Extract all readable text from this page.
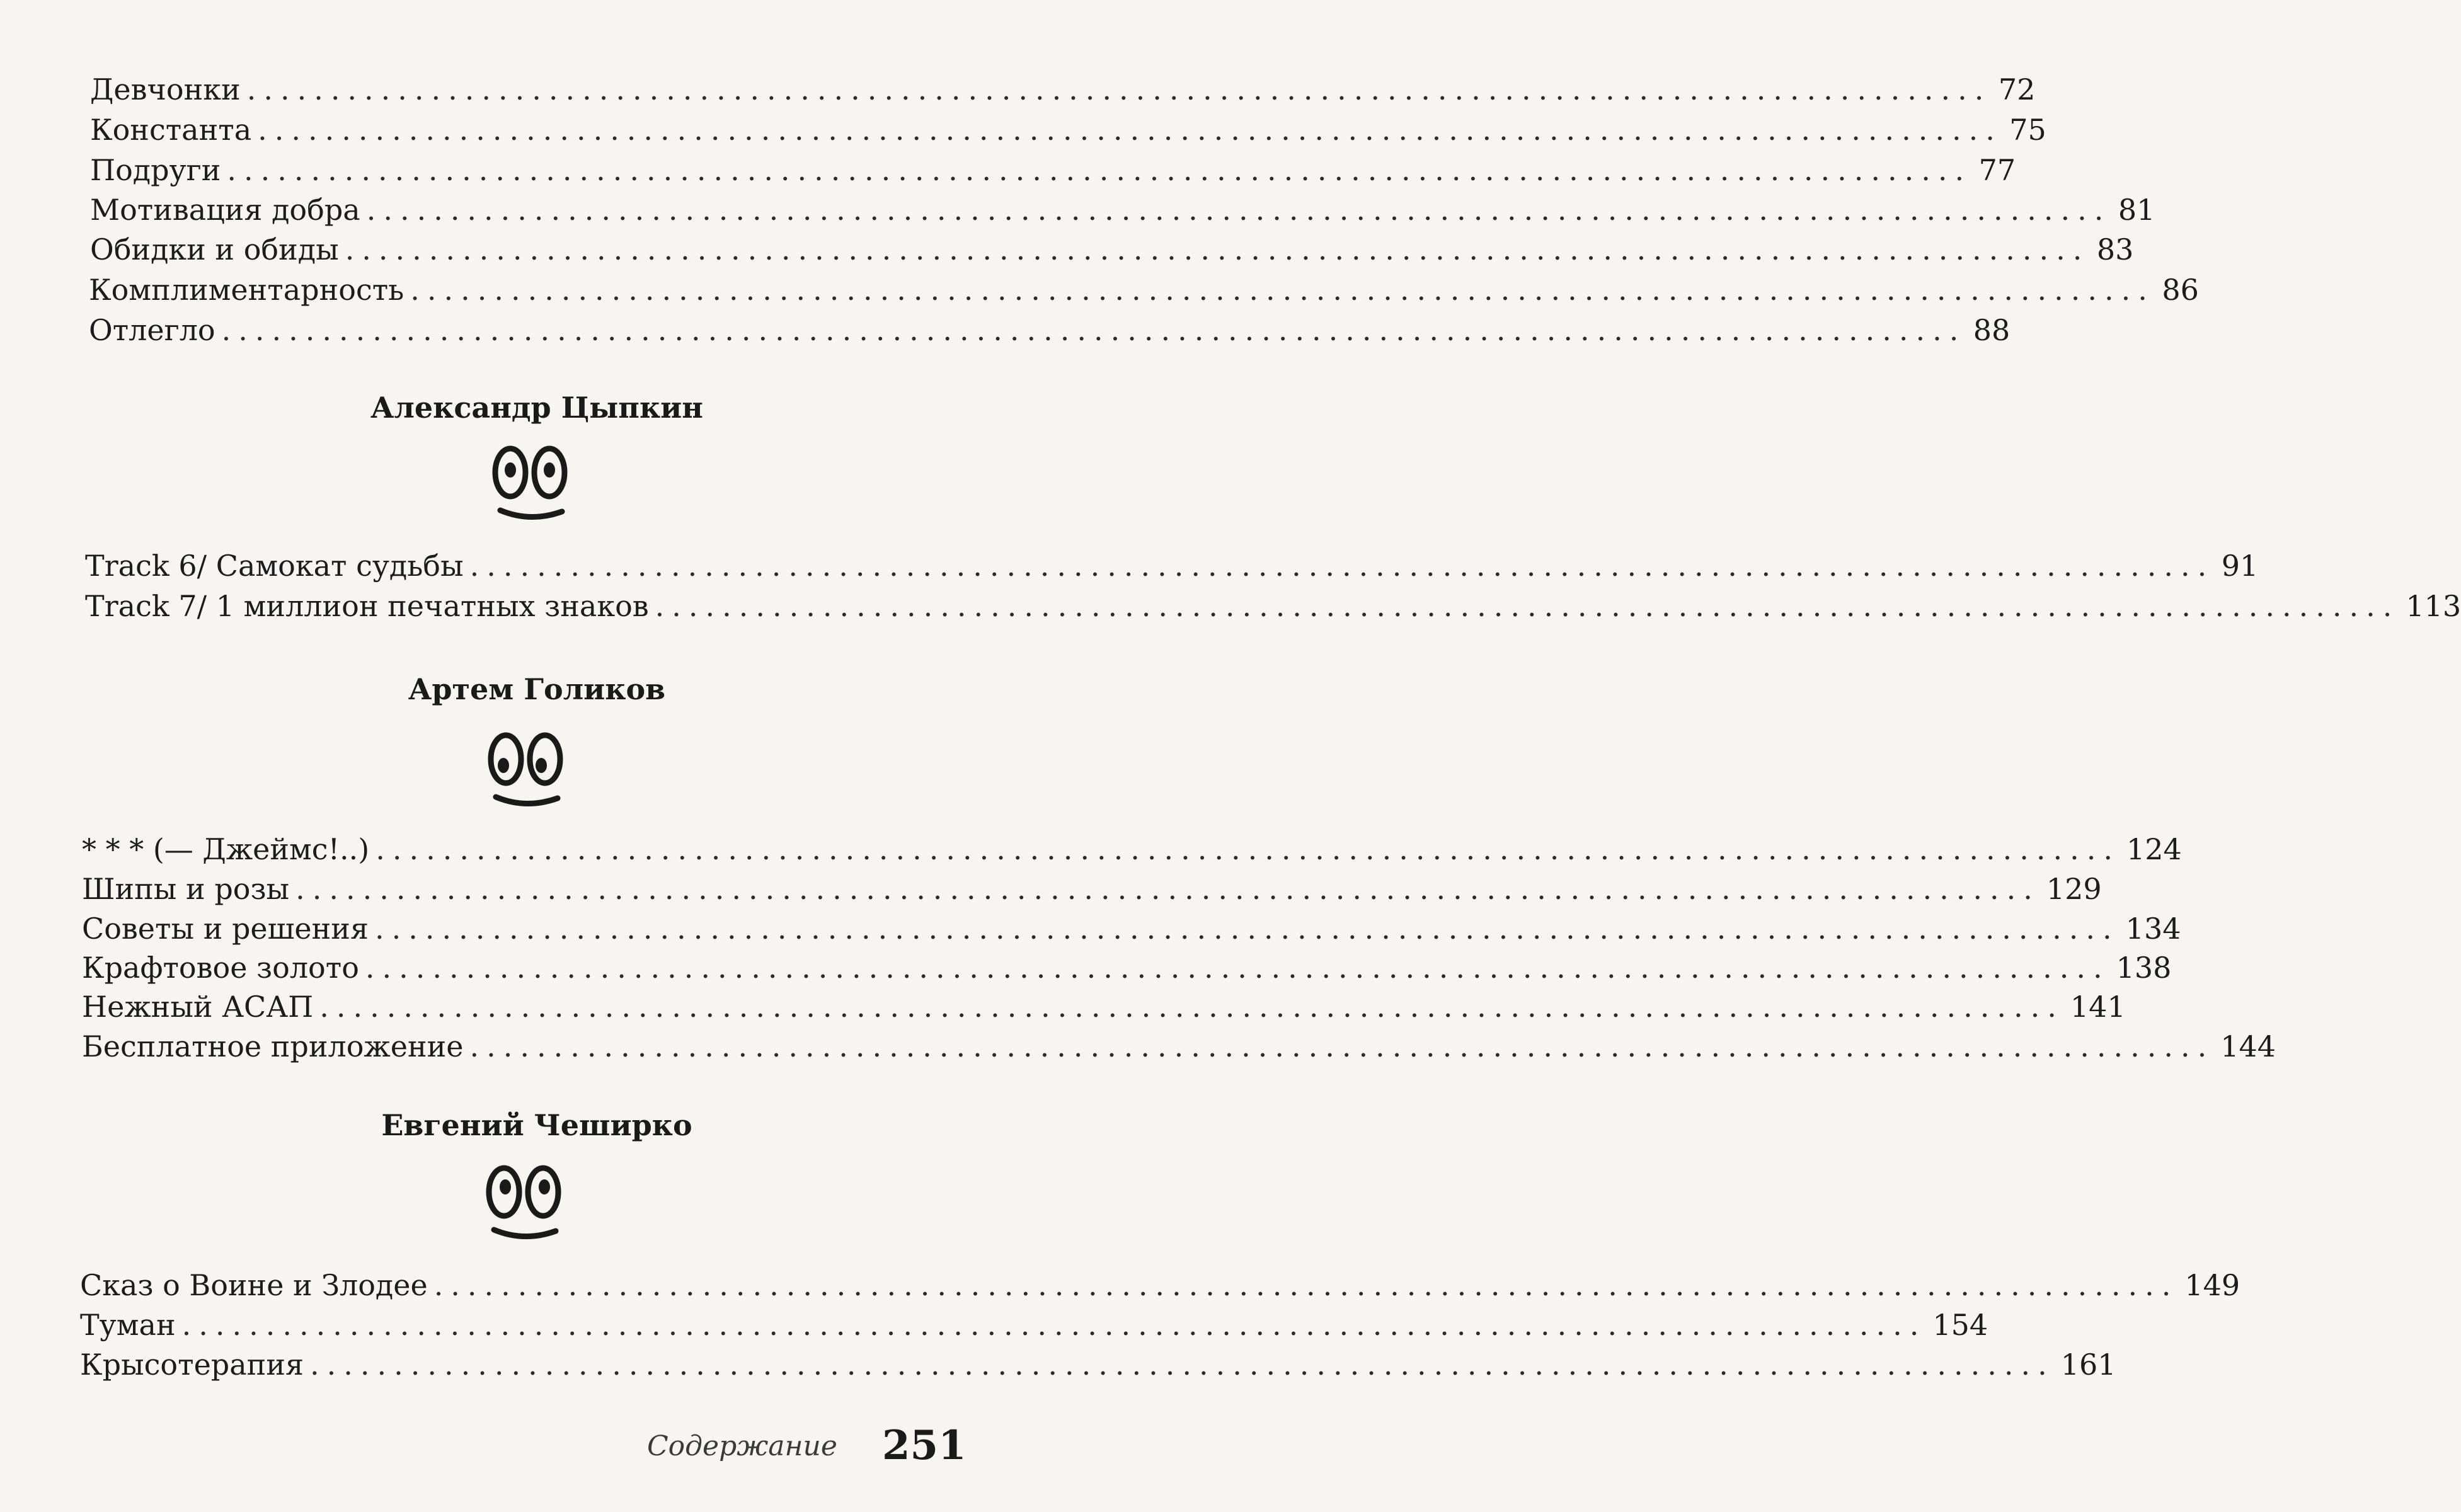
Девчонки ........................................................................................................ 72
Константа ........................................................................................................ 75
Подруги ........................................................................................................ 77
Мотивация добра ........................................................................................................ 81
Обидки и обиды ........................................................................................................ 83
Комплиментарность ........................................................................................................ 86
Отлегло ........................................................................................................ 88
Александр Цыпкин
Track 6/ Самокат судьбы ........................................................................................................ 91
Track 7/ 1 миллион печатных знаков ........................................................................................................ 113
Артем Голиков
* * * (— Джеймс!..) ........................................................................................................ 124
Шипы и розы ........................................................................................................ 129
Советы и решения ........................................................................................................ 134
Крафтовое золото ........................................................................................................ 138
Нежный АСАП ........................................................................................................ 141
Бесплатное приложение ........................................................................................................ 144
Евгений Чеширко
Сказ о Воине и Злодее ........................................................................................................ 149
Туман ........................................................................................................ 154
Крысотерапия ........................................................................................................ 161
Содержание 251
